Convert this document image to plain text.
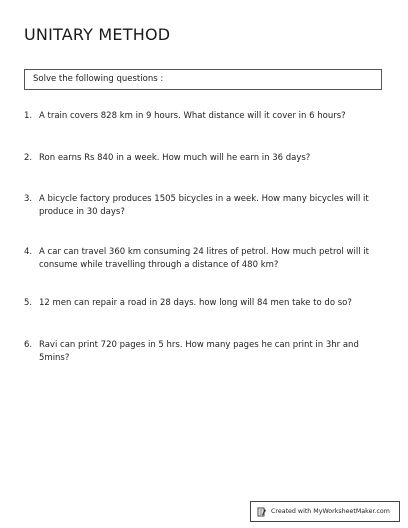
UNITARY METHOD
Solve the following questions :
1. A train covers 828 km in 9 hours. What distance will it cover in 6 hours?
2. Ron earns Rs 840 in a week. How much will he earn in 36 days?
3. A bicycle factory produces 1505 bicycles in a week. How many bicycles will it produce in 30 days?
4. A car can travel 360 km consuming 24 litres of petrol. How much petrol will it consume while travelling through a distance of 480 km?
5. 12 men can repair a road in 28 days. how long will 84 men take to do so?
6. Ravi can print 720 pages in 5 hrs. How many pages he can print in 3hr and 5mins?
Created with MyWorksheetMaker.com
